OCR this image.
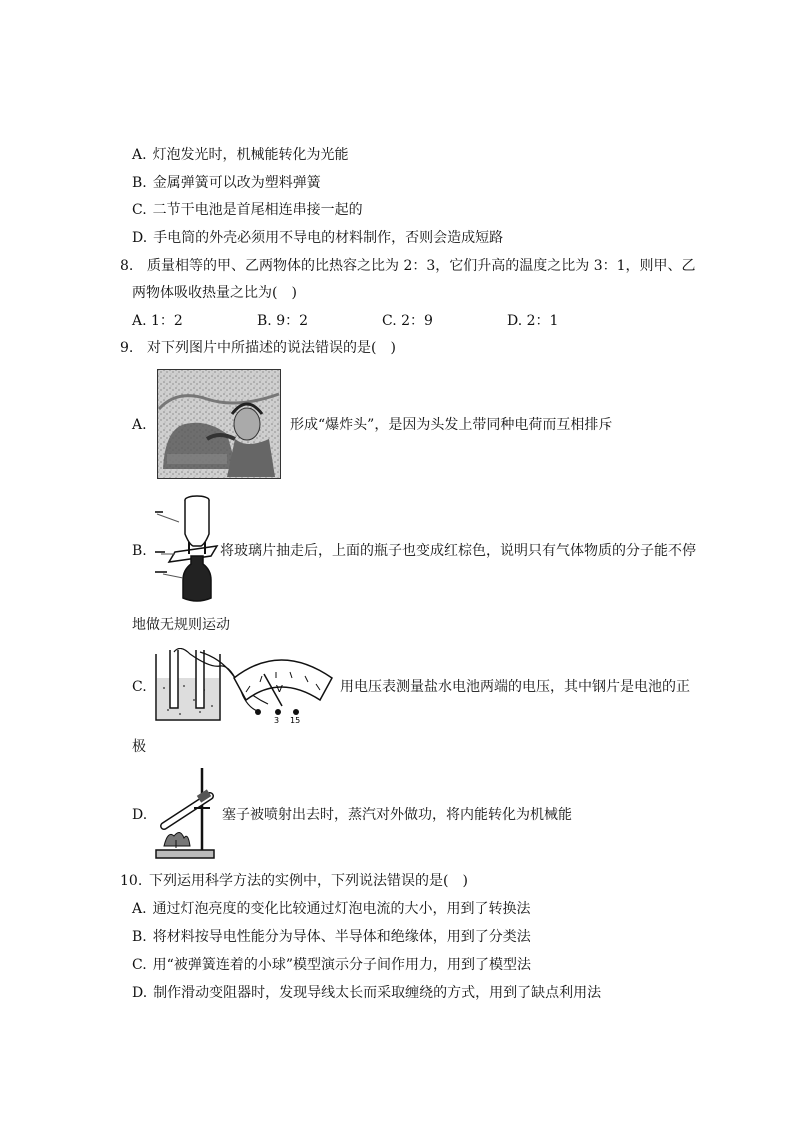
A. 灯泡发光时，机械能转化为光能
B. 金属弹簧可以改为塑料弹簧
C. 二节干电池是首尾相连串接一起的
D. 手电筒的外壳必须用不导电的材料制作，否则会造成短路
8. 质量相等的甲、乙两物体的比热容之比为 2：3，它们升高的温度之比为 3：1，则甲、乙
两物体吸收热量之比为(　)
A. 1：2	B. 9：2	C. 2：9	D. 2：1
9. 对下列图片中所描述的说法错误的是(　)
A.	形成“爆炸头”，是因为头发上带同种电荷而互相排斥
B.	将玻璃片抽走后，上面的瓶子也变成红棕色，说明只有气体物质的分子能不停
地做无规则运动
C.	V
3 15
用电压表测量盐水电池两端的电压，其中钢片是电池的正
极
D.	塞子被喷射出去时，蒸汽对外做功，将内能转化为机械能
10. 下列运用科学方法的实例中，下列说法错误的是(　)
A. 通过灯泡亮度的变化比较通过灯泡电流的大小，用到了转换法
B. 将材料按导电性能分为导体、半导体和绝缘体，用到了分类法
C. 用“被弹簧连着的小球”模型演示分子间作用力，用到了模型法
D. 制作滑动变阻器时，发现导线太长而采取缠绕的方式，用到了缺点利用法
